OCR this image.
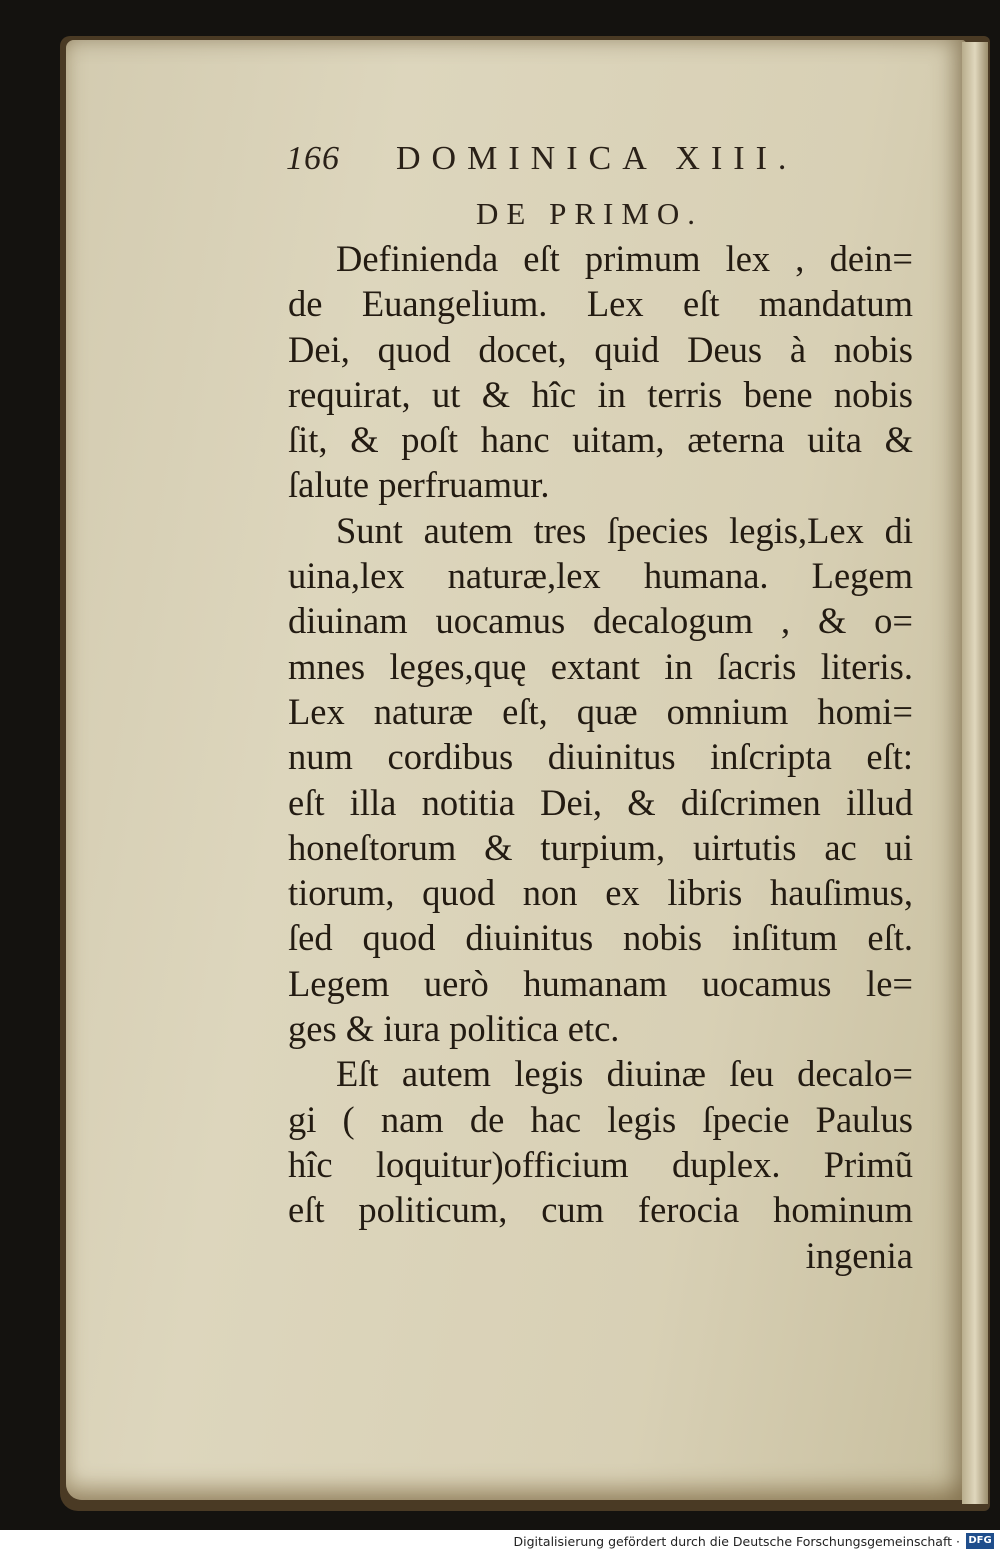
166 DOMINICA XIII.
DE PRIMO.
Definienda eſt primum lex , dein=
de Euangelium. Lex eſt mandatum
Dei, quod docet, quid Deus à nobis
requirat, ut & hîc in terris bene nobis
ſit, & poſt hanc uitam, æterna uita &
ſalute perfruamur.
Sunt autem tres ſpecies legis,Lex di
uina,lex naturæ,lex humana. Legem
diuinam uocamus decalogum , & o=
mnes leges,quę extant in ſacris literis.
Lex naturæ eſt, quæ omnium homi=
num cordibus diuinitus inſcripta eſt:
eſt illa notitia Dei, & diſcrimen illud
honeſtorum & turpium, uirtutis ac ui
tiorum, quod non ex libris hauſimus,
ſed quod diuinitus nobis inſitum eſt.
Legem uerò humanam uocamus le=
ges & iura politica etc.
Eſt autem legis diuinæ ſeu decalo=
gi ( nam de hac legis ſpecie Paulus
hîc loquitur)officium duplex. Primũ
eſt politicum, cum ferocia hominum
ingenia
Digitalisierung gefördert durch die Deutsche Forschungsgemeinschaft · DFG
